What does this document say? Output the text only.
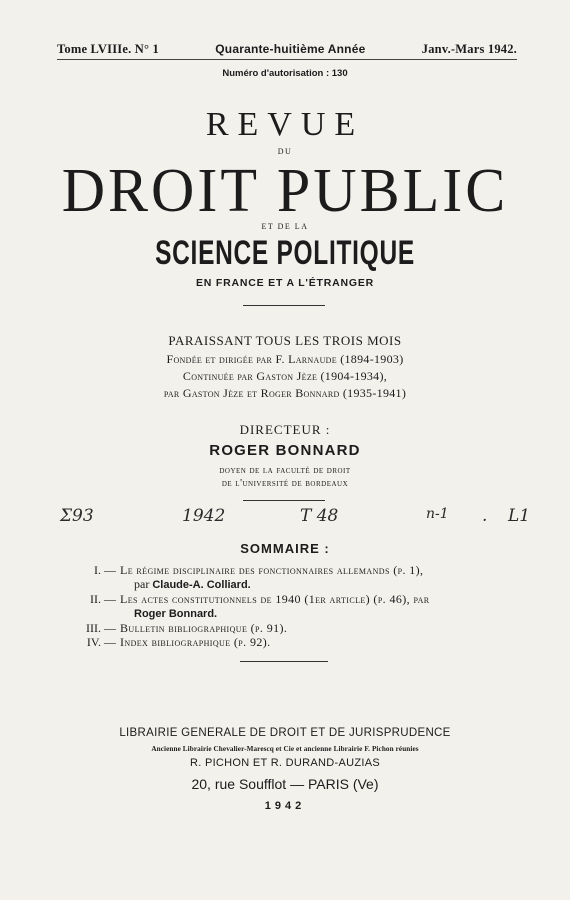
Tome LVIIIe. N° 1	Quarante-huitième Année	Janv.-Mars 1942.
Numéro d'autorisation : 130
REVUE
DU
DROIT PUBLIC
ET DE LA
SCIENCE POLITIQUE
EN FRANCE ET A L'ÉTRANGER
PARAISSANT TOUS LES TROIS MOIS
Fondée et dirigée par F. Larnaude (1894-1903)
Continuée par Gaston Jèze (1904-1934),
par Gaston Jèze et Roger Bonnard (1935-1941)
DIRECTEUR :
ROGER BONNARD
doyen de la faculté de droit
de l'université de bordeaux
Σ93	1942	T 48	n-1 . L1
SOMMAIRE :
I. — Le régime disciplinaire des fonctionnaires allemands (p. 1),
par Claude-A. Colliard.
II. — Les actes constitutionnels de 1940 (1er article) (p. 46), par
Roger Bonnard.
III. — Bulletin bibliographique (p. 91).
IV. — Index bibliographique (p. 92).
LIBRAIRIE GENERALE DE DROIT ET DE JURISPRUDENCE
Ancienne Librairie Chevalier-Marescq et Cie et ancienne Librairie F. Pichon réunies
R. PICHON ET R. DURAND-AUZIAS
20, rue Soufflot — PARIS (Ve)
1942
